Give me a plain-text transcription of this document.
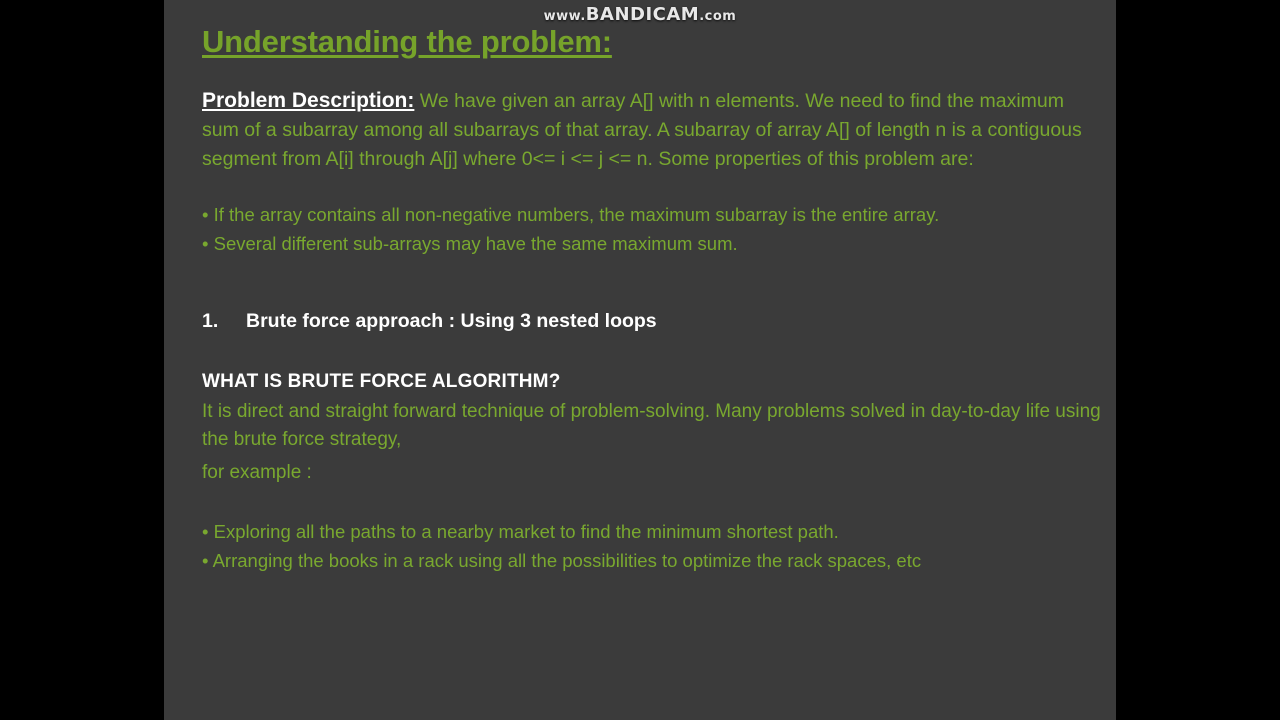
www.BANDICAM.com
Understanding the problem:
Problem Description: We have given an array A[] with n elements. We need to find the maximum sum of a subarray among all subarrays of that array. A subarray of array A[] of length n is a contiguous segment from A[i] through A[j] where 0<= i <= j <= n. Some properties of this problem are:
• If the array contains all non-negative numbers, the maximum subarray is the entire array.
• Several different sub-arrays may have the same maximum sum.
1. Brute force approach : Using 3 nested loops
WHAT IS BRUTE FORCE ALGORITHM?
It is direct and straight forward technique of problem-solving. Many problems solved in day-to-day life using the brute force strategy,
for example :
• Exploring all the paths to a nearby market to find the minimum shortest path.
• Arranging the books in a rack using all the possibilities to optimize the rack spaces, etc
